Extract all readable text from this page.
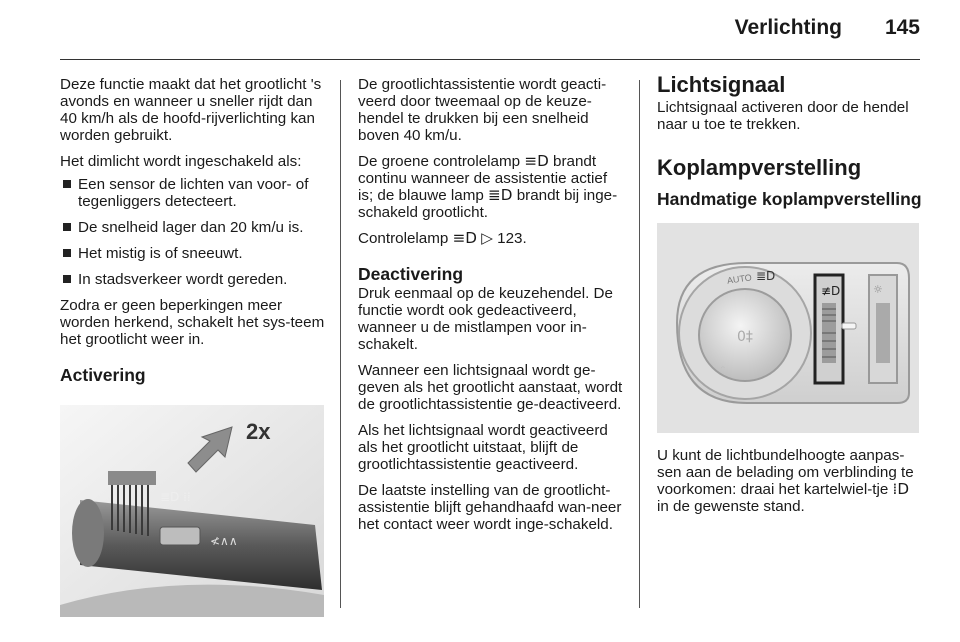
Verlichting 145

Deze functie maakt dat het grootlicht 's avonds en wanneer u sneller rijdt dan 40 km/h als de hoofd-rijverlichting kan worden gebruikt.

Het dimlicht wordt ingeschakeld als:

Een sensor de lichten van voor- of tegenliggers detecteert.
De snelheid lager dan 20 km/u is.
Het mistig is of sneeuwt.
In stadsverkeer wordt gereden.

Zodra er geen beperkingen meer worden herkend, schakelt het sys-teem het grootlicht weer in.

Activering
≣D ⁞⁞
≮∧∧
2x

De grootlichtassistentie wordt geacti-veerd door tweemaal op de keuze-hendel te drukken bij een snelheid boven 40 km/u.

De groene controlelamp ≡D brandt continu wanneer de assistentie actief is; de blauwe lamp ≣D brandt bij inge-schakeld grootlicht.

Controlelamp ≡D ▷ 123.

Deactivering

Druk eenmaal op de keuzehendel. De functie wordt ook gedeactiveerd, wanneer u de mistlampen voor in-schakelt.

Wanneer een lichtsignaal wordt ge-geven als het grootlicht aanstaat, wordt de grootlichtassistentie ge-deactiveerd.

Als het lichtsignaal wordt geactiveerd als het grootlicht uitstaat, blijft de grootlichtassistentie geactiveerd.

De laatste instelling van de grootlicht-assistentie blijft gehandhaafd wan-neer het contact weer wordt inge-schakeld.

Lichtsignaal

Lichtsignaal activeren door de hendel naar u toe te trekken.

Koplampverstelling
Handmatige koplampverstelling
0‡
ᵔ
≣D
≢D	☼
AUTO

U kunt de lichtbundelhoogte aanpas-sen aan de belading om verblinding te voorkomen: draai het kartelwiel-tje ⁞D in de gewenste stand.
